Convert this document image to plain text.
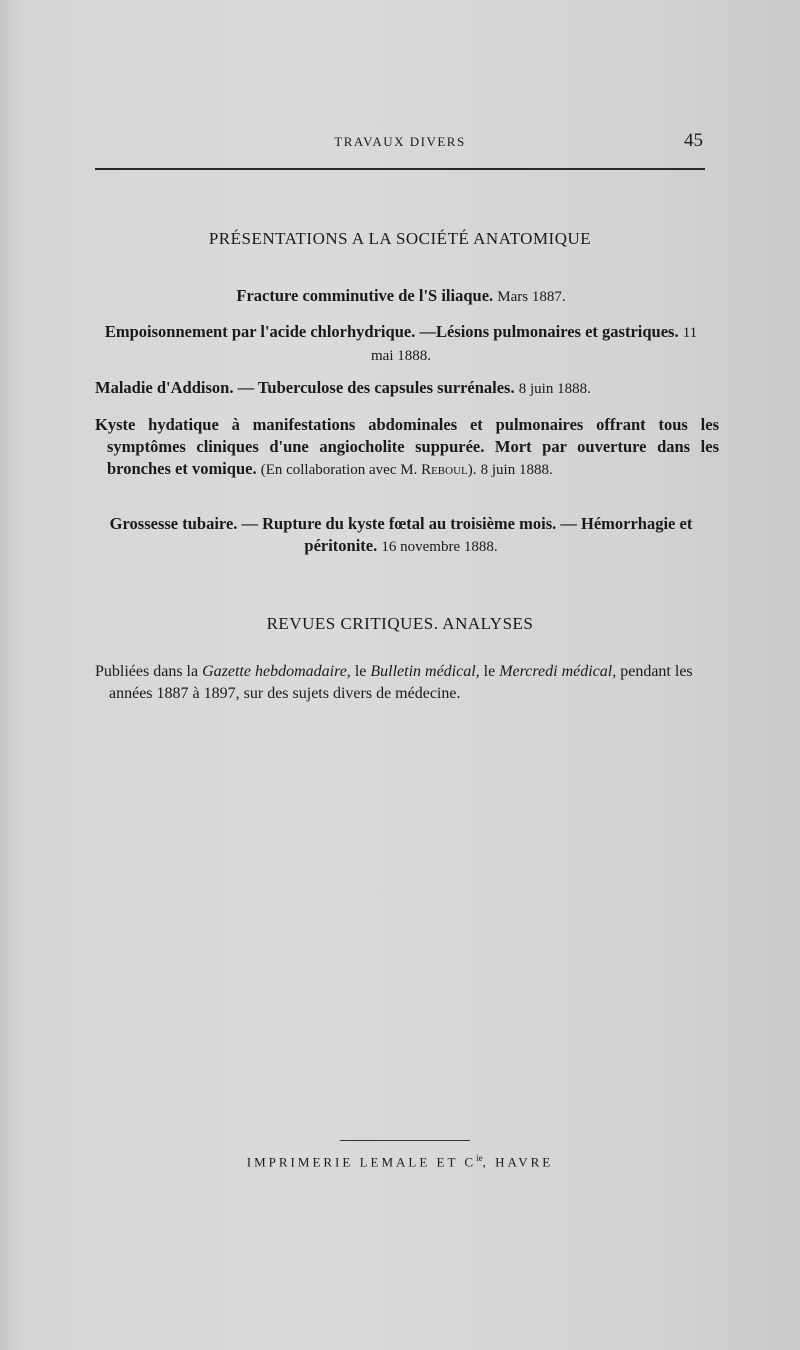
TRAVAUX DIVERS	45
PRÉSENTATIONS A LA SOCIÉTÉ ANATOMIQUE
Fracture comminutive de l'S iliaque. Mars 1887.
Empoisonnement par l'acide chlorhydrique. —Lésions pulmonaires et gastriques. 11 mai 1888.
Maladie d'Addison. — Tuberculose des capsules surrénales. 8 juin 1888.
Kyste hydatique à manifestations abdominales et pulmonaires offrant tous les symptômes cliniques d'une angiocholite suppurée. Mort par ouverture dans les bronches et vomique. (En collaboration avec M. Reboul). 8 juin 1888.
Grossesse tubaire. — Rupture du kyste fœtal au troisième mois. — Hémorrhagie et péritonite. 16 novembre 1888.
REVUES CRITIQUES. ANALYSES
Publiées dans la Gazette hebdomadaire, le Bulletin médical, le Mercredi médical, pendant les années 1887 à 1897, sur des sujets divers de médecine.
IMPRIMERIE LEMALE ET $C^{ie}$, HAVRE
